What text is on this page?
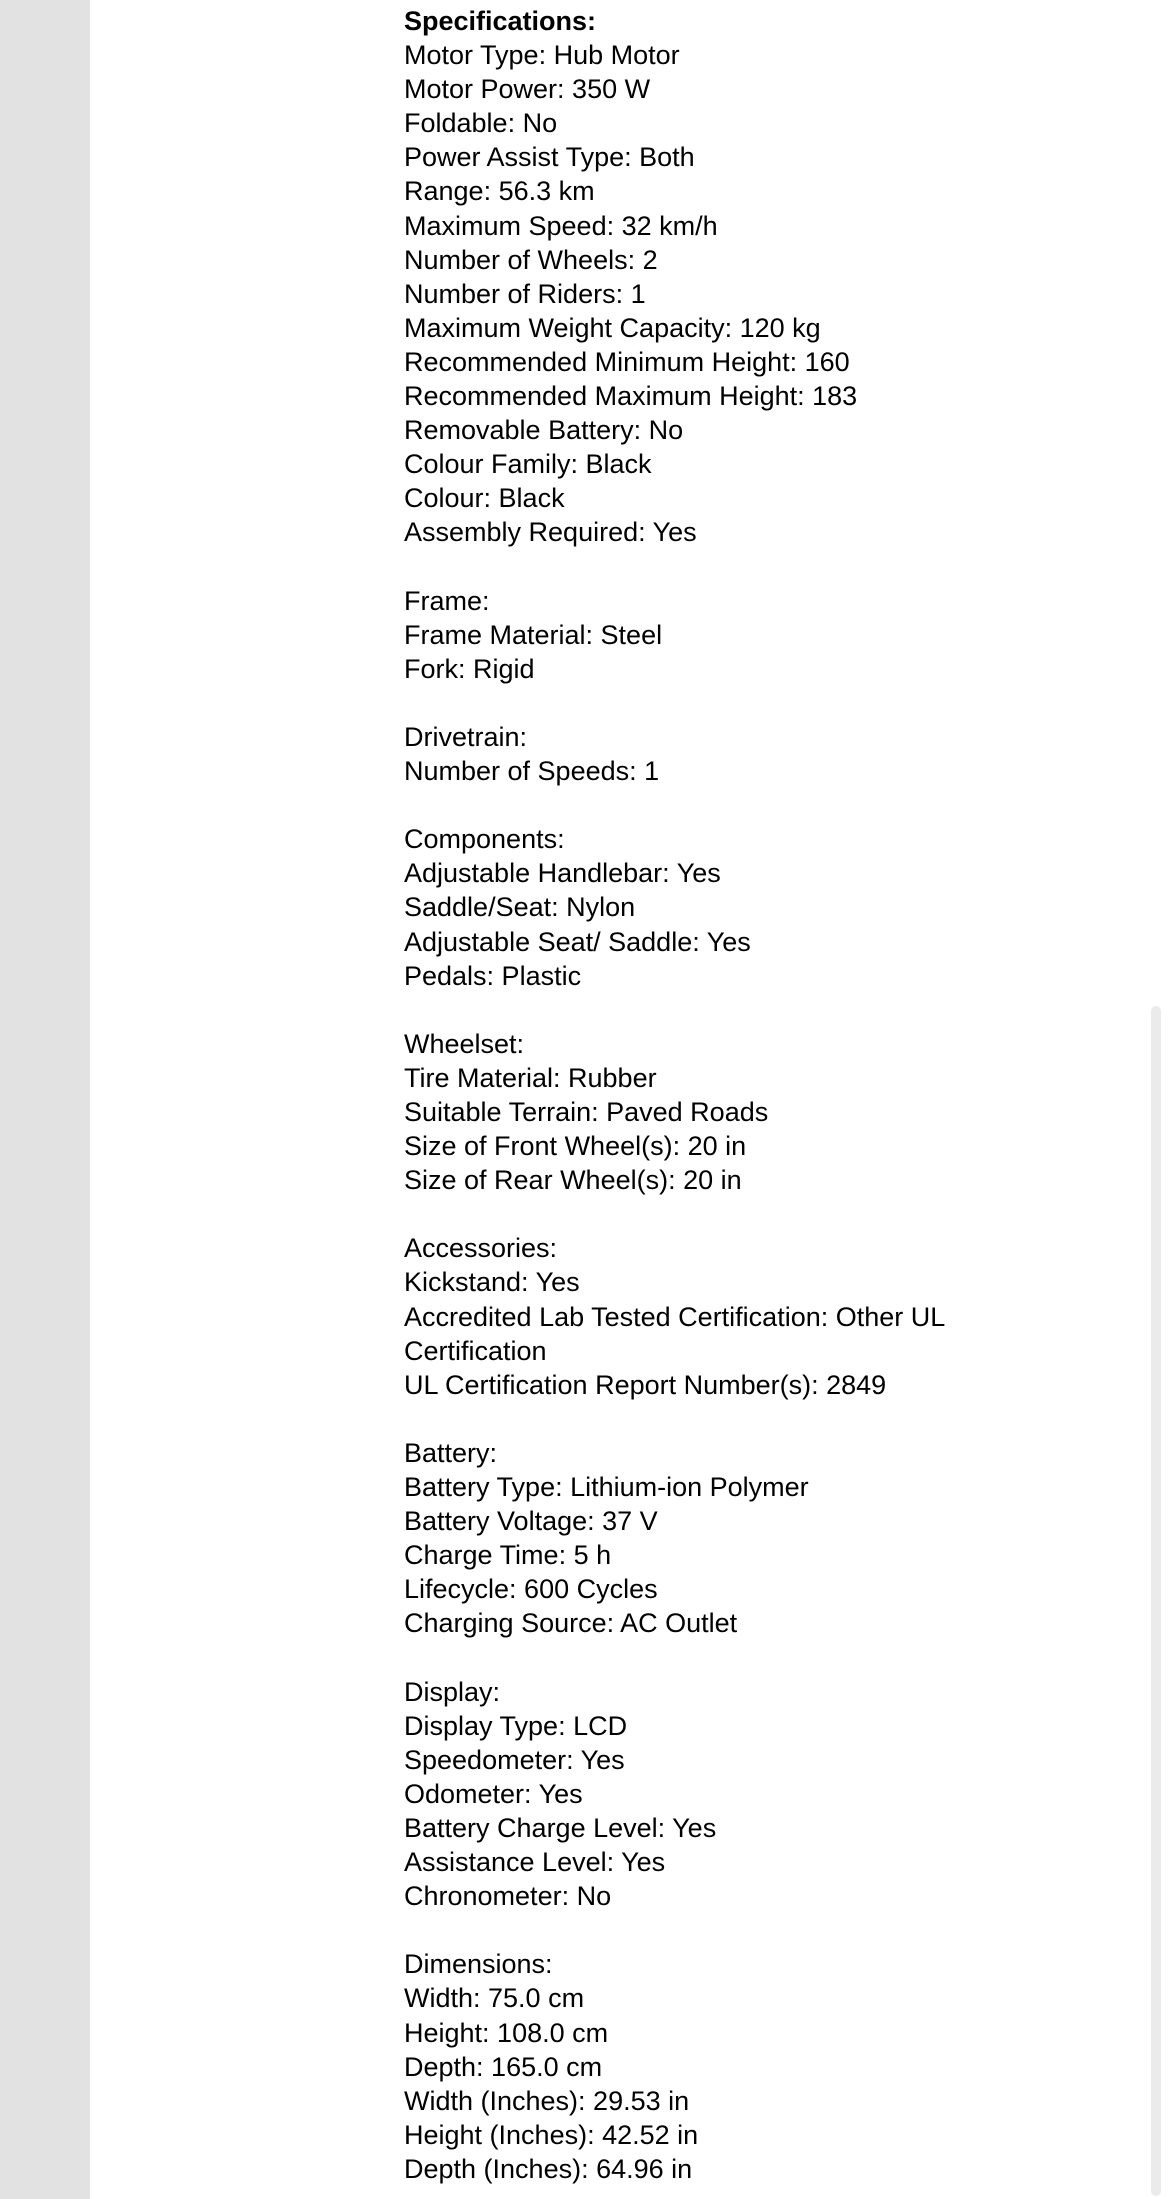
Specifications:
Motor Type: Hub Motor
Motor Power: 350 W
Foldable: No
Power Assist Type: Both
Range: 56.3 km
Maximum Speed: 32 km/h
Number of Wheels: 2
Number of Riders: 1
Maximum Weight Capacity: 120 kg
Recommended Minimum Height: 160
Recommended Maximum Height: 183
Removable Battery: No
Colour Family: Black
Colour: Black
Assembly Required: Yes
Frame:
Frame Material: Steel
Fork: Rigid
Drivetrain:
Number of Speeds: 1
Components:
Adjustable Handlebar: Yes
Saddle/Seat: Nylon
Adjustable Seat/ Saddle: Yes
Pedals: Plastic
Wheelset:
Tire Material: Rubber
Suitable Terrain: Paved Roads
Size of Front Wheel(s): 20 in
Size of Rear Wheel(s): 20 in
Accessories:
Kickstand: Yes
Accredited Lab Tested Certification: Other UL Certification
UL Certification Report Number(s): 2849
Battery:
Battery Type: Lithium-ion Polymer
Battery Voltage: 37 V
Charge Time: 5 h
Lifecycle: 600 Cycles
Charging Source: AC Outlet
Display:
Display Type: LCD
Speedometer: Yes
Odometer: Yes
Battery Charge Level: Yes
Assistance Level: Yes
Chronometer: No
Dimensions:
Width: 75.0 cm
Height: 108.0 cm
Depth: 165.0 cm
Width (Inches): 29.53 in
Height (Inches): 42.52 in
Depth (Inches): 64.96 in
